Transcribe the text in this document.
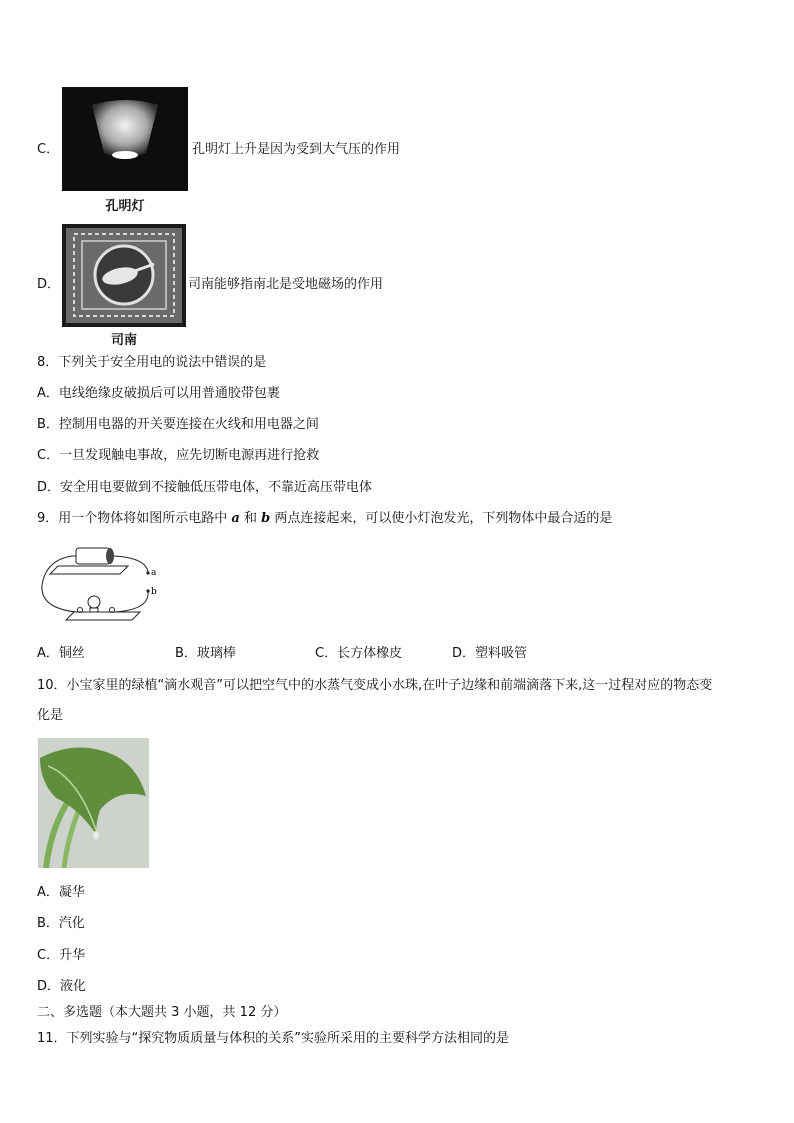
C．
孔明灯
孔明灯上升是因为受到大气压的作用
D．
司南
司南能够指南北是受地磁场的作用
8．下列关于安全用电的说法中错误的是
A．电线绝缘皮破损后可以用普通胶带包裹
B．控制用电器的开关要连接在火线和用电器之间
C．一旦发现触电事故，应先切断电源再进行抢救
D．安全用电要做到不接触低压带电体，不靠近高压带电体
9．用一个物体将如图所示电路中 a 和 b 两点连接起来，可以使小灯泡发光，下列物体中最合适的是
a
b
A．铜丝	B．玻璃棒	C．长方体橡皮	D．塑料吸管
10．小宝家里的绿植“滴水观音”可以把空气中的水蒸气变成小水珠,在叶子边缘和前端滴落下来,这一过程对应的物态变
化是
A．凝华
B．汽化
C．升华
D．液化
二、多选题（本大题共 3 小题，共 12 分）
11．下列实验与“探究物质质量与体积的关系”实验所采用的主要科学方法相同的是
